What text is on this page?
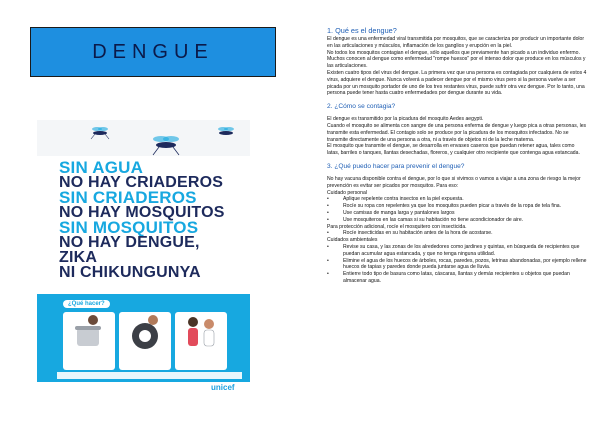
DENGUE
SIN AGUA
NO HAY CRIADEROS
SIN CRIADEROS
NO HAY MOSQUITOS
SIN MOSQUITOS
NO HAY DENGUE,
ZIKA
NI CHIKUNGUNYA
¿Qué hacer?
unicef

1. Qué es el dengue?

El dengue es una enfermedad viral transmitida por mosquitos, que se caracteriza por producir un importante dolor en las articulaciones y músculos, inflamación de los ganglios y erupción en la piel.

No todos los mosquitos contagian el dengue, sólo aquellos que previamente han picado a un individuo enfermo.

Muchos conocen al dengue como enfermedad "rompe huesos" por el intenso dolor que produce en los músculos y las articulaciones.

Existen cuatro tipos del virus del dengue. La primera vez que una persona es contagiada por cualquiera de estos 4 virus, adquiere el dengue. Nunca volverá a padecer dengue por el mismo virus pero si la persona vuelve a ser picada por un mosquito portador de uno de los tres restantes virus, puede sufrir otra vez dengue. Por lo tanto, una persona puede tener hasta cuatro enfermedades por dengue durante su vida.

2. ¿Cómo se contagia?

El dengue es transmitido por la picadura del mosquito Aedes aegypti.

Cuando el mosquito se alimenta con sangre de una persona enferma de dengue y luego pica a otras personas, les transmite esta enfermedad. El contagio solo se produce por la picadura de los mosquitos infectados. No se transmite directamente de una persona a otra, ni a través de objetos ni de la leche materna.

El mosquito que transmite el dengue, se desarrolla en envases caseros que puedan retener agua, tales como latas, barriles o tanques, llantas desechadas, floreros, y cualquier otro recipiente que contenga agua estancada.

3. ¿Qué puedo hacer para prevenir el dengue?

No hay vacuna disponible contra el dengue, por lo que si vivimos o vamos a viajar a una zona de riesgo la mejor prevención es evitar ser picados por mosquitos. Para eso:

Cuidado personal

•	Aplique repelente contra insectos en la piel expuesta.
•	Rocíe su ropa con repelentes ya que los mosquitos pueden picar a través de la ropa de tela fina.
•	Use camisas de manga larga y pantalones largos
•	Use mosquiteros en las camas si su habitación no tiene acondicionador de aire.

Para protección adicional, rocíe el mosquitero con insecticida.

•	Rocíe insecticidas en su habitación antes de la hora de acostarse.

Cuidados ambientales

•	Revise su casa, y las zonas de los alrededores como jardines y quintas, en búsqueda de recipientes que puedan acumular agua estancada, y que no tenga ninguna utilidad.
•	Elimine el agua de los huecos de árboles, rocas, paredes, pozos, letrinas abandonadas, por ejemplo rellene huecos de tapias y paredes donde pueda juntarse agua de lluvia.
•	Entierre todo tipo de basura como latas, cáscaras, llantas y demás recipientes u objetos que puedan almacenar agua.
